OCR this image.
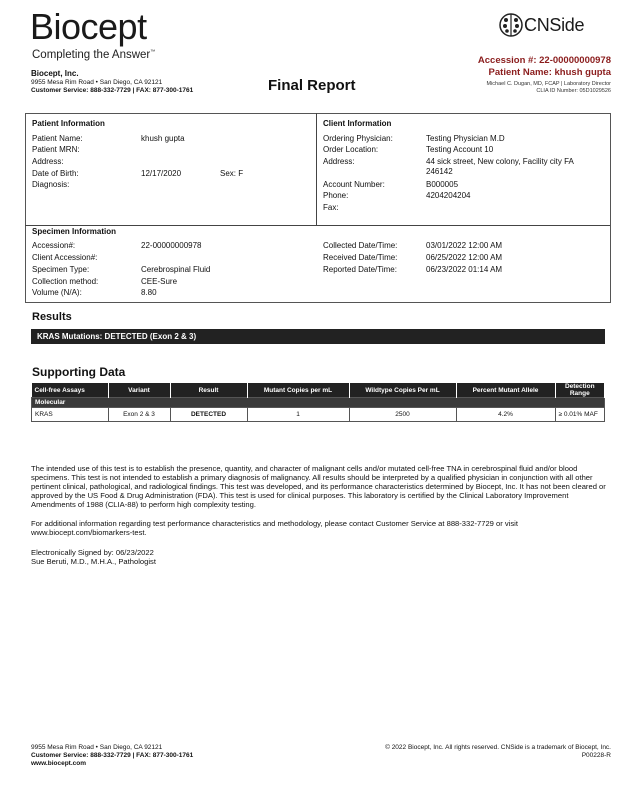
Biocept
Completing the Answer™
Biocept, Inc.
9955 Mesa Rim Road • San Diego, CA 92121
Customer Service: 888-332-7729 | FAX: 877-300-1761	Final Report
CNSide
Accession #: 22-00000000978
Patient Name: khush gupta
Michael C. Dugan, MD, FCAP | Laboratory Director
CLIA ID Number: 05D1029526
Patient Information
Patient Name:	khush gupta
Patient MRN:
Address:
Date of Birth:	12/17/2020	Sex: F
Diagnosis:
Client Information
Ordering Physician:	Testing Physician M.D
Order Location:	Testing Account 10
Address:	44 sick street, New colony, Facility city FA 246142
Account Number:	B000005
Phone:	4204204204
Fax:
Specimen Information
Accession#:	22-00000000978
Client Accession#:
Specimen Type:	Cerebrospinal Fluid
Collection method:	CEE-Sure
Volume (N/A):	8.80
Collected Date/Time:	03/01/2022 12:00 AM
Received Date/Time:	06/25/2022 12:00 AM
Reported Date/Time:	06/23/2022 01:14 AM
Results
KRAS Mutations: DETECTED (Exon 2 & 3)
Supporting Data
Cell-free Assays	Variant	Result	Mutant Copies per mL	Wildtype Copies Per mL	Percent Mutant Allele	Detection Range
Molecular						
KRAS	Exon 2 & 3	DETECTED	1	2500	4.2%	≥ 0.01% MAF
The intended use of this test is to establish the presence, quantity, and character of malignant cells and/or mutated cell-free TNA in cerebrospinal fluid and/or blood specimens. This test is not intended to establish a primary diagnosis of malignancy. All results should be interpreted by a qualified physician in conjunction with all other pertinent clinical, pathological, and radiological findings. This test was developed, and its performance characteristics determined by Biocept, Inc. It has not been cleared or approved by the US Food & Drug Administration (FDA). This test is used for clinical purposes. This laboratory is certified by the Clinical Laboratory Improvement Amendments of 1988 (CLIA-88) to perform high complexity testing.
For additional information regarding test performance characteristics and methodology, please contact Customer Service at 888-332-7729 or visit www.biocept.com/biomarkers-test.
Electronically Signed by: 06/23/2022
Sue Beruti, M.D., M.H.A., Pathologist
9955 Mesa Rim Road • San Diego, CA 92121
Customer Service: 888-332-7729 | FAX: 877-300-1761
www.biocept.com
© 2022 Biocept, Inc. All rights reserved. CNSide is a trademark of Biocept, Inc.
P00228-R
